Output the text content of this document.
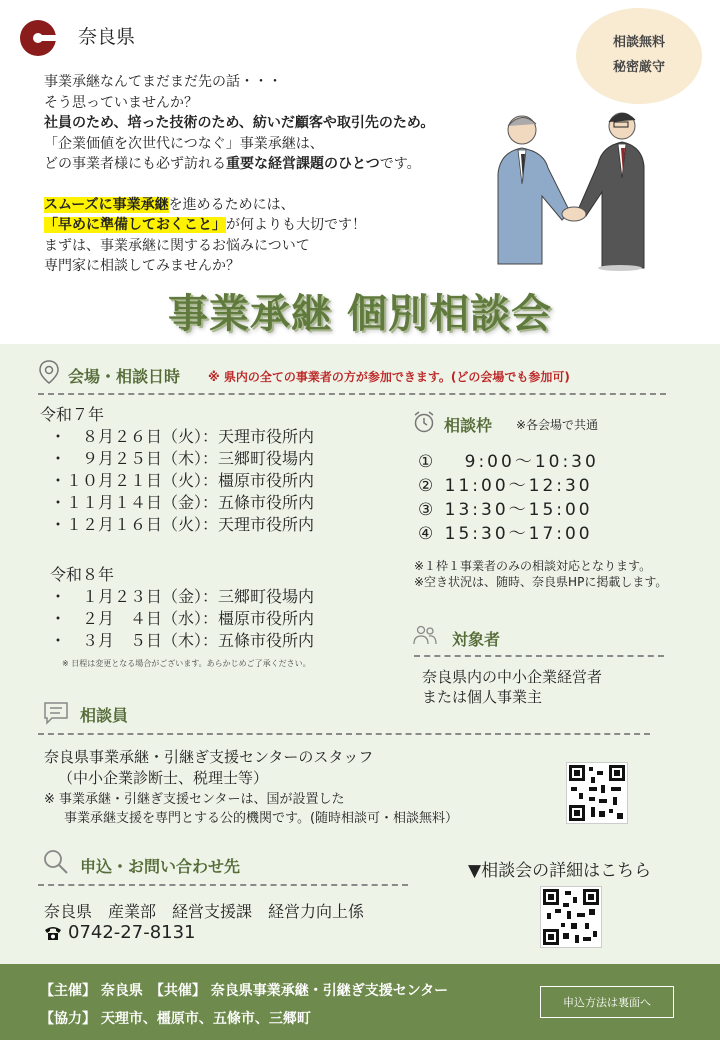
奈良県	相談無料
秘密厳守

事業承継なんてまだまだ先の話・・・

そう思っていませんか？

社員のため、培った技術のため、紡いだ顧客や取引先のため。

「企業価値を次世代につなぐ」事業承継は、

どの事業者様にも必ず訪れる重要な経営課題のひとつです。

スムーズに事業承継を進めるためには、

「早めに準備しておくこと」が何よりも大切です！

まずは、事業承継に関するお悩みについて

専門家に相談してみませんか？

事業承継 個別相談会
会場・相談日時 ※ 県内の全ての事業者の方が参加できます。(どの会場でも参加可)
令和７年
・　８月２６日（火）：天理市役所内
・　９月２５日（木）：三郷町役場内
・１０月２１日（火）：橿原市役所内
・１１月１４日（金）：五條市役所内
・１２月１６日（火）：天理市役所内
令和８年
・　１月２３日（金）：三郷町役場内
・　２月　４日（水）：橿原市役所内
・　３月　５日（木）：五條市役所内
※ 日程は変更となる場合がございます。あらかじめご了承ください。
相談枠 ※各会場で共通
①　 9:00～10:30
② 11:00～12:30
③ 13:30～15:00
④ 15:30～17:00
※１枠１事業者のみの相談対応となります。
※空き状況は、随時、奈良県HPに掲載します。
対象者
奈良県内の中小企業経営者
または個人事業主
相談員
奈良県事業承継・引継ぎ支援センターのスタッフ
（中小企業診断士、税理士等）
※ 事業承継・引継ぎ支援センターは、国が設置した
事業承継支援を専門とする公的機関です。(随時相談可・相談無料）
申込・お問い合わせ先
奈良県　産業部　経営支援課　経営力向上係
0742-27-8131
▼相談会の詳細はこちら
【主催】 奈良県　【共催】 奈良県事業承継・引継ぎ支援センター
【協力】 天理市、橿原市、五條市、三郷町
申込方法は裏面へ
